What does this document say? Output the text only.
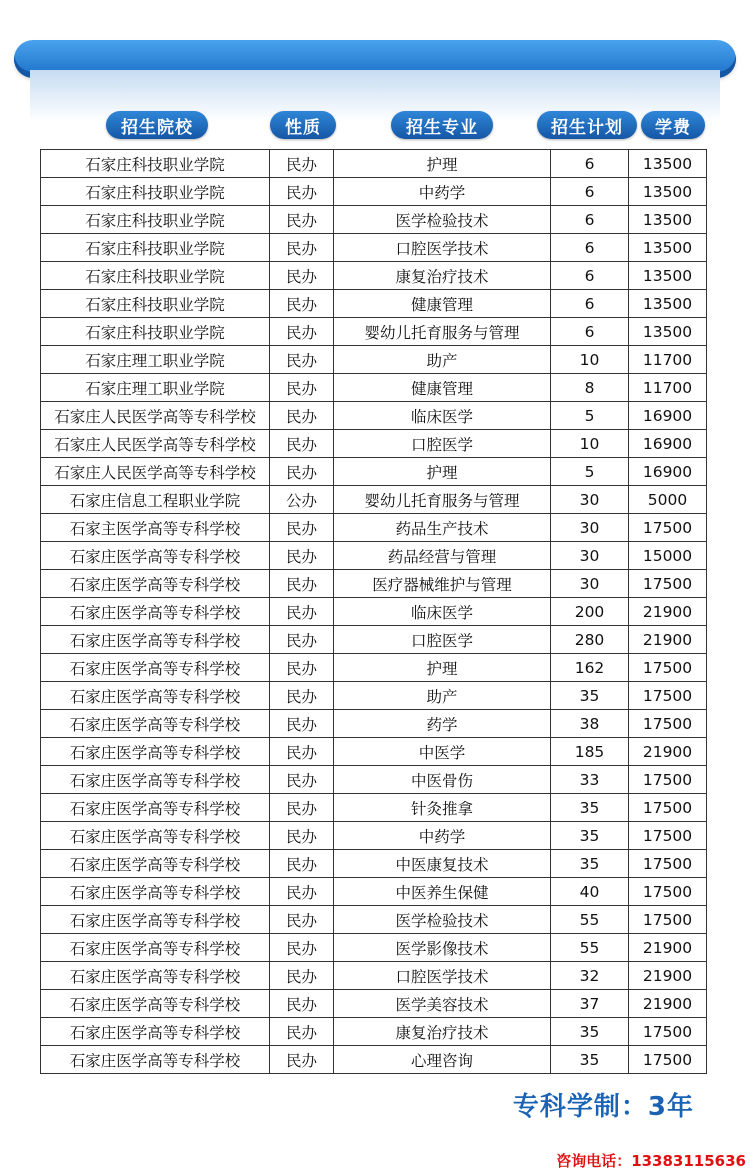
招生院校	性质	招生专业	招生计划	学费
石家庄科技职业学院	民办	护理	6	13500
石家庄科技职业学院	民办	中药学	6	13500
石家庄科技职业学院	民办	医学检验技术	6	13500
石家庄科技职业学院	民办	口腔医学技术	6	13500
石家庄科技职业学院	民办	康复治疗技术	6	13500
石家庄科技职业学院	民办	健康管理	6	13500
石家庄科技职业学院	民办	婴幼儿托育服务与管理	6	13500
石家庄理工职业学院	民办	助产	10	11700
石家庄理工职业学院	民办	健康管理	8	11700
石家庄人民医学高等专科学校	民办	临床医学	5	16900
石家庄人民医学高等专科学校	民办	口腔医学	10	16900
石家庄人民医学高等专科学校	民办	护理	5	16900
石家庄信息工程职业学院	公办	婴幼儿托育服务与管理	30	5000
石家主医学高等专科学校	民办	药品生产技术	30	17500
石家庄医学高等专科学校	民办	药品经营与管理	30	15000
石家庄医学高等专科学校	民办	医疗器械维护与管理	30	17500
石家庄医学高等专科学校	民办	临床医学	200	21900
石家庄医学高等专科学校	民办	口腔医学	280	21900
石家庄医学高等专科学校	民办	护理	162	17500
石家庄医学高等专科学校	民办	助产	35	17500
石家庄医学高等专科学校	民办	药学	38	17500
石家庄医学高等专科学校	民办	中医学	185	21900
石家庄医学高等专科学校	民办	中医骨伤	33	17500
石家庄医学高等专科学校	民办	针灸推拿	35	17500
石家庄医学高等专科学校	民办	中药学	35	17500
石家庄医学高等专科学校	民办	中医康复技术	35	17500
石家庄医学高等专科学校	民办	中医养生保健	40	17500
石家庄医学高等专科学校	民办	医学检验技术	55	17500
石家庄医学高等专科学校	民办	医学影像技术	55	21900
石家庄医学高等专科学校	民办	口腔医学技术	32	21900
石家庄医学高等专科学校	民办	医学美容技术	37	21900
石家庄医学高等专科学校	民办	康复治疗技术	35	17500
石家庄医学高等专科学校	民办	心理咨询	35	17500
专科学制：3年
咨询电话：13383115636
